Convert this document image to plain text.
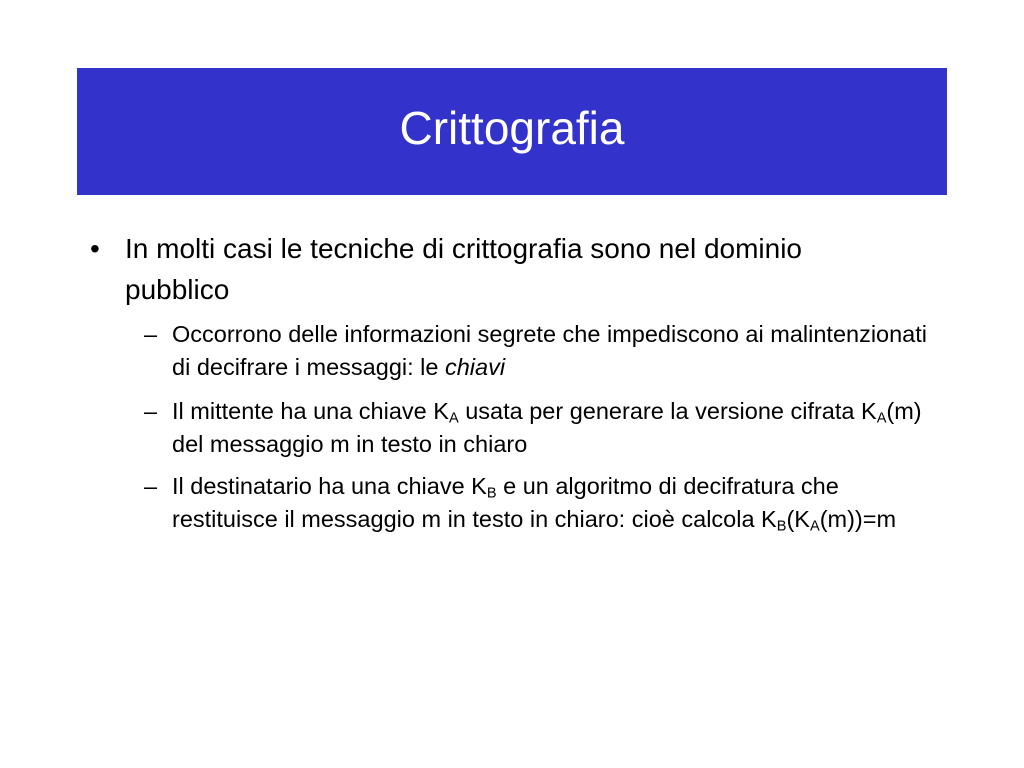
Crittografia
• In molti casi le tecniche di crittografia sono nel dominio pubblico
– Occorrono delle informazioni segrete che impediscono ai malintenzionati di decifrare i messaggi: le chiavi
– Il mittente ha una chiave $K_A$ usata per generare la versione cifrata $K_A(m)$ del messaggio m in testo in chiaro
– Il destinatario ha una chiave $K_B$ e un algoritmo di decifratura che restituisce il messaggio m in testo in chiaro: cioè calcola $K_B(K_A(m))=m$
